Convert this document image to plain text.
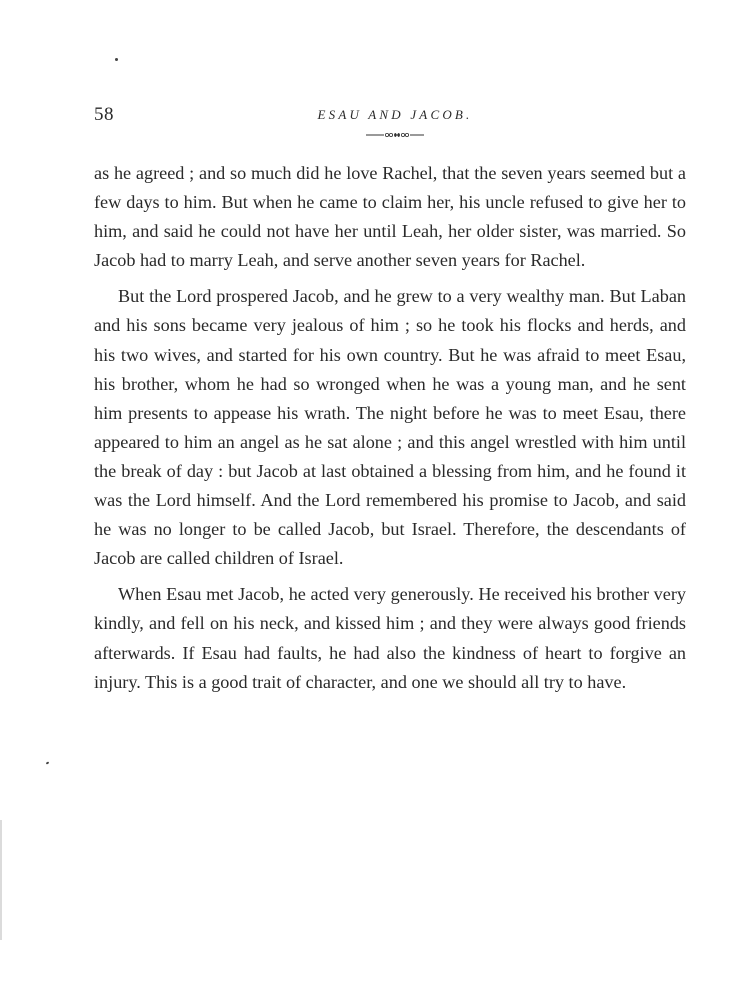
58	ESAU AND JACOB.

as he agreed ; and so much did he love Rachel, that the seven years seemed but a few days to him. But when he came to claim her, his uncle refused to give her to him, and said he could not have her until Leah, her older sister, was married. So Jacob had to marry Leah, and serve another seven years for Rachel.

But the Lord prospered Jacob, and he grew to a very wealthy man. But Laban and his sons became very jealous of him ; so he took his flocks and herds, and his two wives, and started for his own country. But he was afraid to meet Esau, his brother, whom he had so wronged when he was a young man, and he sent him presents to appease his wrath. The night before he was to meet Esau, there appeared to him an angel as he sat alone ; and this angel wrestled with him until the break of day : but Jacob at last obtained a blessing from him, and he found it was the Lord himself. And the Lord remembered his promise to Jacob, and said he was no longer to be called Jacob, but Israel. Therefore, the descendants of Jacob are called children of Israel.

When Esau met Jacob, he acted very generously. He received his brother very kindly, and fell on his neck, and kissed him ; and they were always good friends afterwards. If Esau had faults, he had also the kindness of heart to forgive an injury. This is a good trait of character, and one we should all try to have.
